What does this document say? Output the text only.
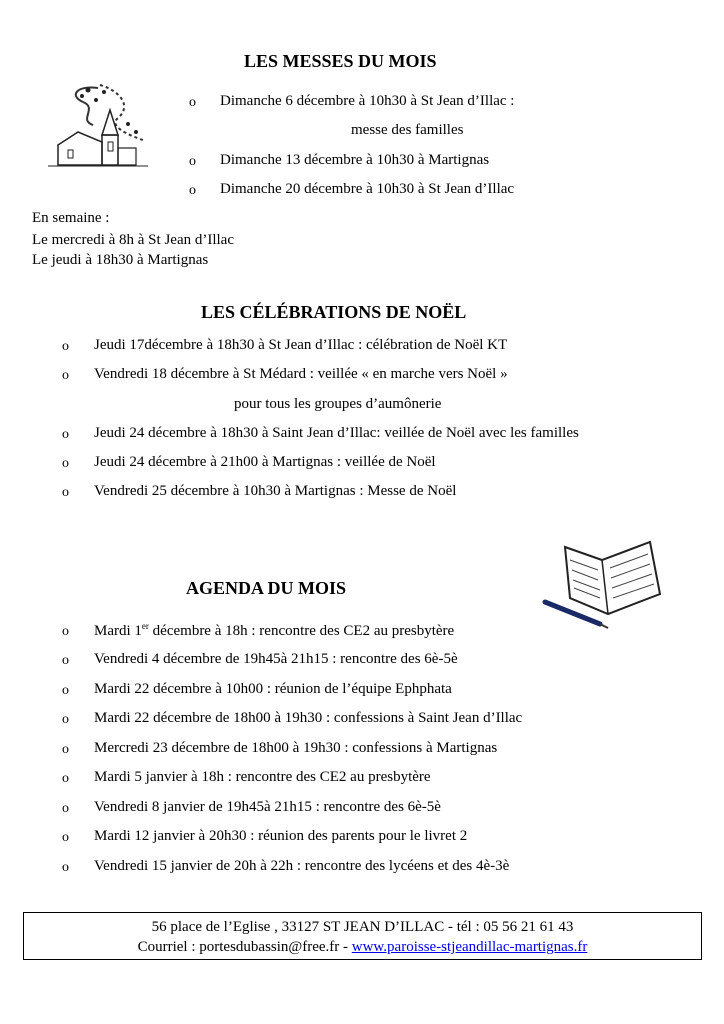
LES MESSES DU MOIS
o Dimanche 6 décembre à 10h30 à St Jean d’Illac :
messe des familles
o Dimanche 13 décembre à 10h30 à Martignas
o Dimanche 20 décembre à 10h30 à St Jean d’Illac
En semaine :
Le mercredi à 8h à St Jean d’Illac
Le jeudi à 18h30 à Martignas
LES CÉLÉBRATIONS DE NOËL
o Jeudi 17décembre à 18h30 à St Jean d’Illac : célébration de Noël KT
o Vendredi 18 décembre à St Médard : veillée « en marche vers Noël »
pour tous les groupes d’aumônerie
o Jeudi 24 décembre à 18h30 à Saint Jean d’Illac: veillée de Noël avec les familles
o Jeudi 24 décembre à 21h00 à Martignas : veillée de Noël
o Vendredi 25 décembre à 10h30 à Martignas : Messe de Noël
AGENDA DU MOIS
o Mardi 1er décembre à 18h : rencontre des CE2 au presbytère
o Vendredi 4 décembre de 19h45à 21h15 : rencontre des 6è-5è
o Mardi 22 décembre à 10h00 : réunion de l’équipe Ephphata
o Mardi 22 décembre de 18h00 à 19h30 : confessions à Saint Jean d’Illac
o Mercredi 23 décembre de 18h00 à 19h30 : confessions à Martignas
o Mardi 5 janvier à 18h : rencontre des CE2 au presbytère
o Vendredi 8 janvier de 19h45à 21h15 : rencontre des 6è-5è
o Mardi 12 janvier à 20h30 : réunion des parents pour le livret 2
o Vendredi 15 janvier de 20h à 22h : rencontre des lycéens et des 4è-3è
56 place de l’Eglise , 33127 ST JEAN D’ILLAC - tél : 05 56 21 61 43
Courriel : portesdubassin@free.fr - www.paroisse-stjeandillac-martignas.fr
